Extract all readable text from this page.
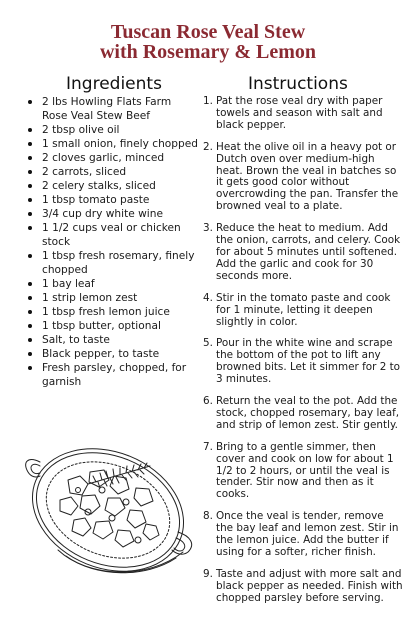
Tuscan Rose Veal Stew
with Rosemary & Lemon
Ingredients	Instructions
2 lbs Howling Flats Farm Rose Veal Stew Beef
2 tbsp olive oil
1 small onion, finely chopped
2 cloves garlic, minced
2 carrots, sliced
2 celery stalks, sliced
1 tbsp tomato paste
3/4 cup dry white wine
1 1/2 cups veal or chicken stock
1 tbsp fresh rosemary, finely chopped
1 bay leaf
1 strip lemon zest
1 tbsp fresh lemon juice
1 tbsp butter, optional
Salt, to taste
Black pepper, to taste
Fresh parsley, chopped, for garnish
1. Pat the rose veal dry with paper towels and season with salt and black pepper.
2. Heat the olive oil in a heavy pot or Dutch oven over medium-high heat. Brown the veal in batches so it gets good color without overcrowding the pan. Transfer the browned veal to a plate.
3. Reduce the heat to medium. Add the onion, carrots, and celery. Cook for about 5 minutes until softened. Add the garlic and cook for 30 seconds more.
4. Stir in the tomato paste and cook for 1 minute, letting it deepen slightly in color.
5. Pour in the white wine and scrape the bottom of the pot to lift any browned bits. Let it simmer for 2 to 3 minutes.
6. Return the veal to the pot. Add the stock, chopped rosemary, bay leaf, and strip of lemon zest. Stir gently.
7. Bring to a gentle simmer, then cover and cook on low for about 1 1/2 to 2 hours, or until the veal is tender. Stir now and then as it cooks.
8. Once the veal is tender, remove the bay leaf and lemon zest. Stir in the lemon juice. Add the butter if using for a softer, richer finish.
9. Taste and adjust with more salt and black pepper as needed. Finish with chopped parsley before serving.
